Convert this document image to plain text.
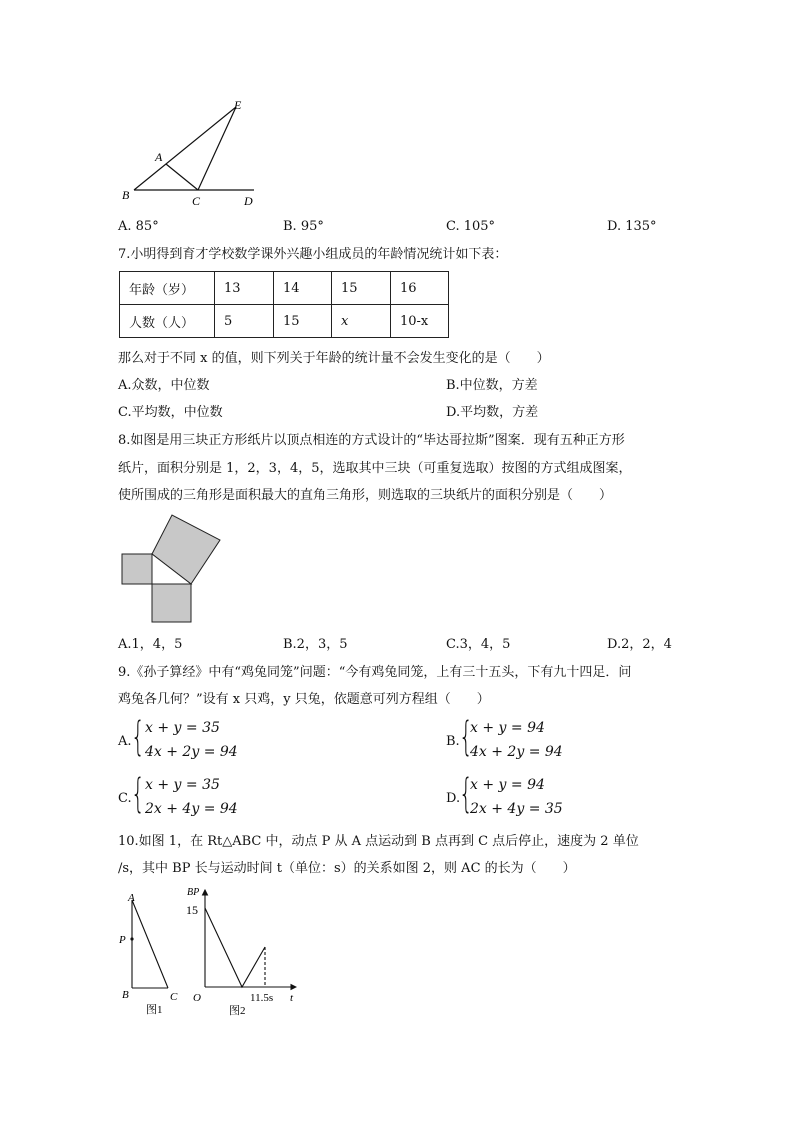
E
A
B	C	D
A. 85°	B. 95°	C. 105°	D. 135°
7.小明得到育才学校数学课外兴趣小组成员的年龄情况统计如下表：
年龄（岁）	13	14	15	16
人数（人）	5	15	x	10-x
那么对于不同 x 的值，则下列关于年龄的统计量不会发生变化的是（　　）
A.众数，中位数	B.中位数，方差
C.平均数，中位数	D.平均数，方差
8.如图是用三块正方形纸片以顶点相连的方式设计的“毕达哥拉斯”图案．现有五种正方形
纸片，面积分别是 1，2，3，4，5，选取其中三块（可重复选取）按图的方式组成图案，
使所围成的三角形是面积最大的直角三角形，则选取的三块纸片的面积分别是（　　）
A.1，4，5	B.2，3，5	C.3，4，5	D.2，2，4
9.《孙子算经》中有“鸡兔同笼”问题：“今有鸡兔同笼，上有三十五头，下有九十四足．问
鸡兔各几何？”设有 x 只鸡，y 只兔，依题意可列方程组（　　）
A. { x + y = 35
4x + 2y = 94
B. {
x + y = 94
4x + 2y = 94
C. { x + y = 35
2x + 4y = 94
D.
{
x + y = 94
2x + 4y = 35
10.如图 1，在 Rt△ABC 中，动点 P 从 A 点运动到 B 点再到 C 点后停止，速度为 2 单位
/s，其中 BP 长与运动时间 t（单位：s）的关系如图 2，则 AC 的长为（　　）
A
P
B	C
图1
BP
15
O	11.5s t
图2
